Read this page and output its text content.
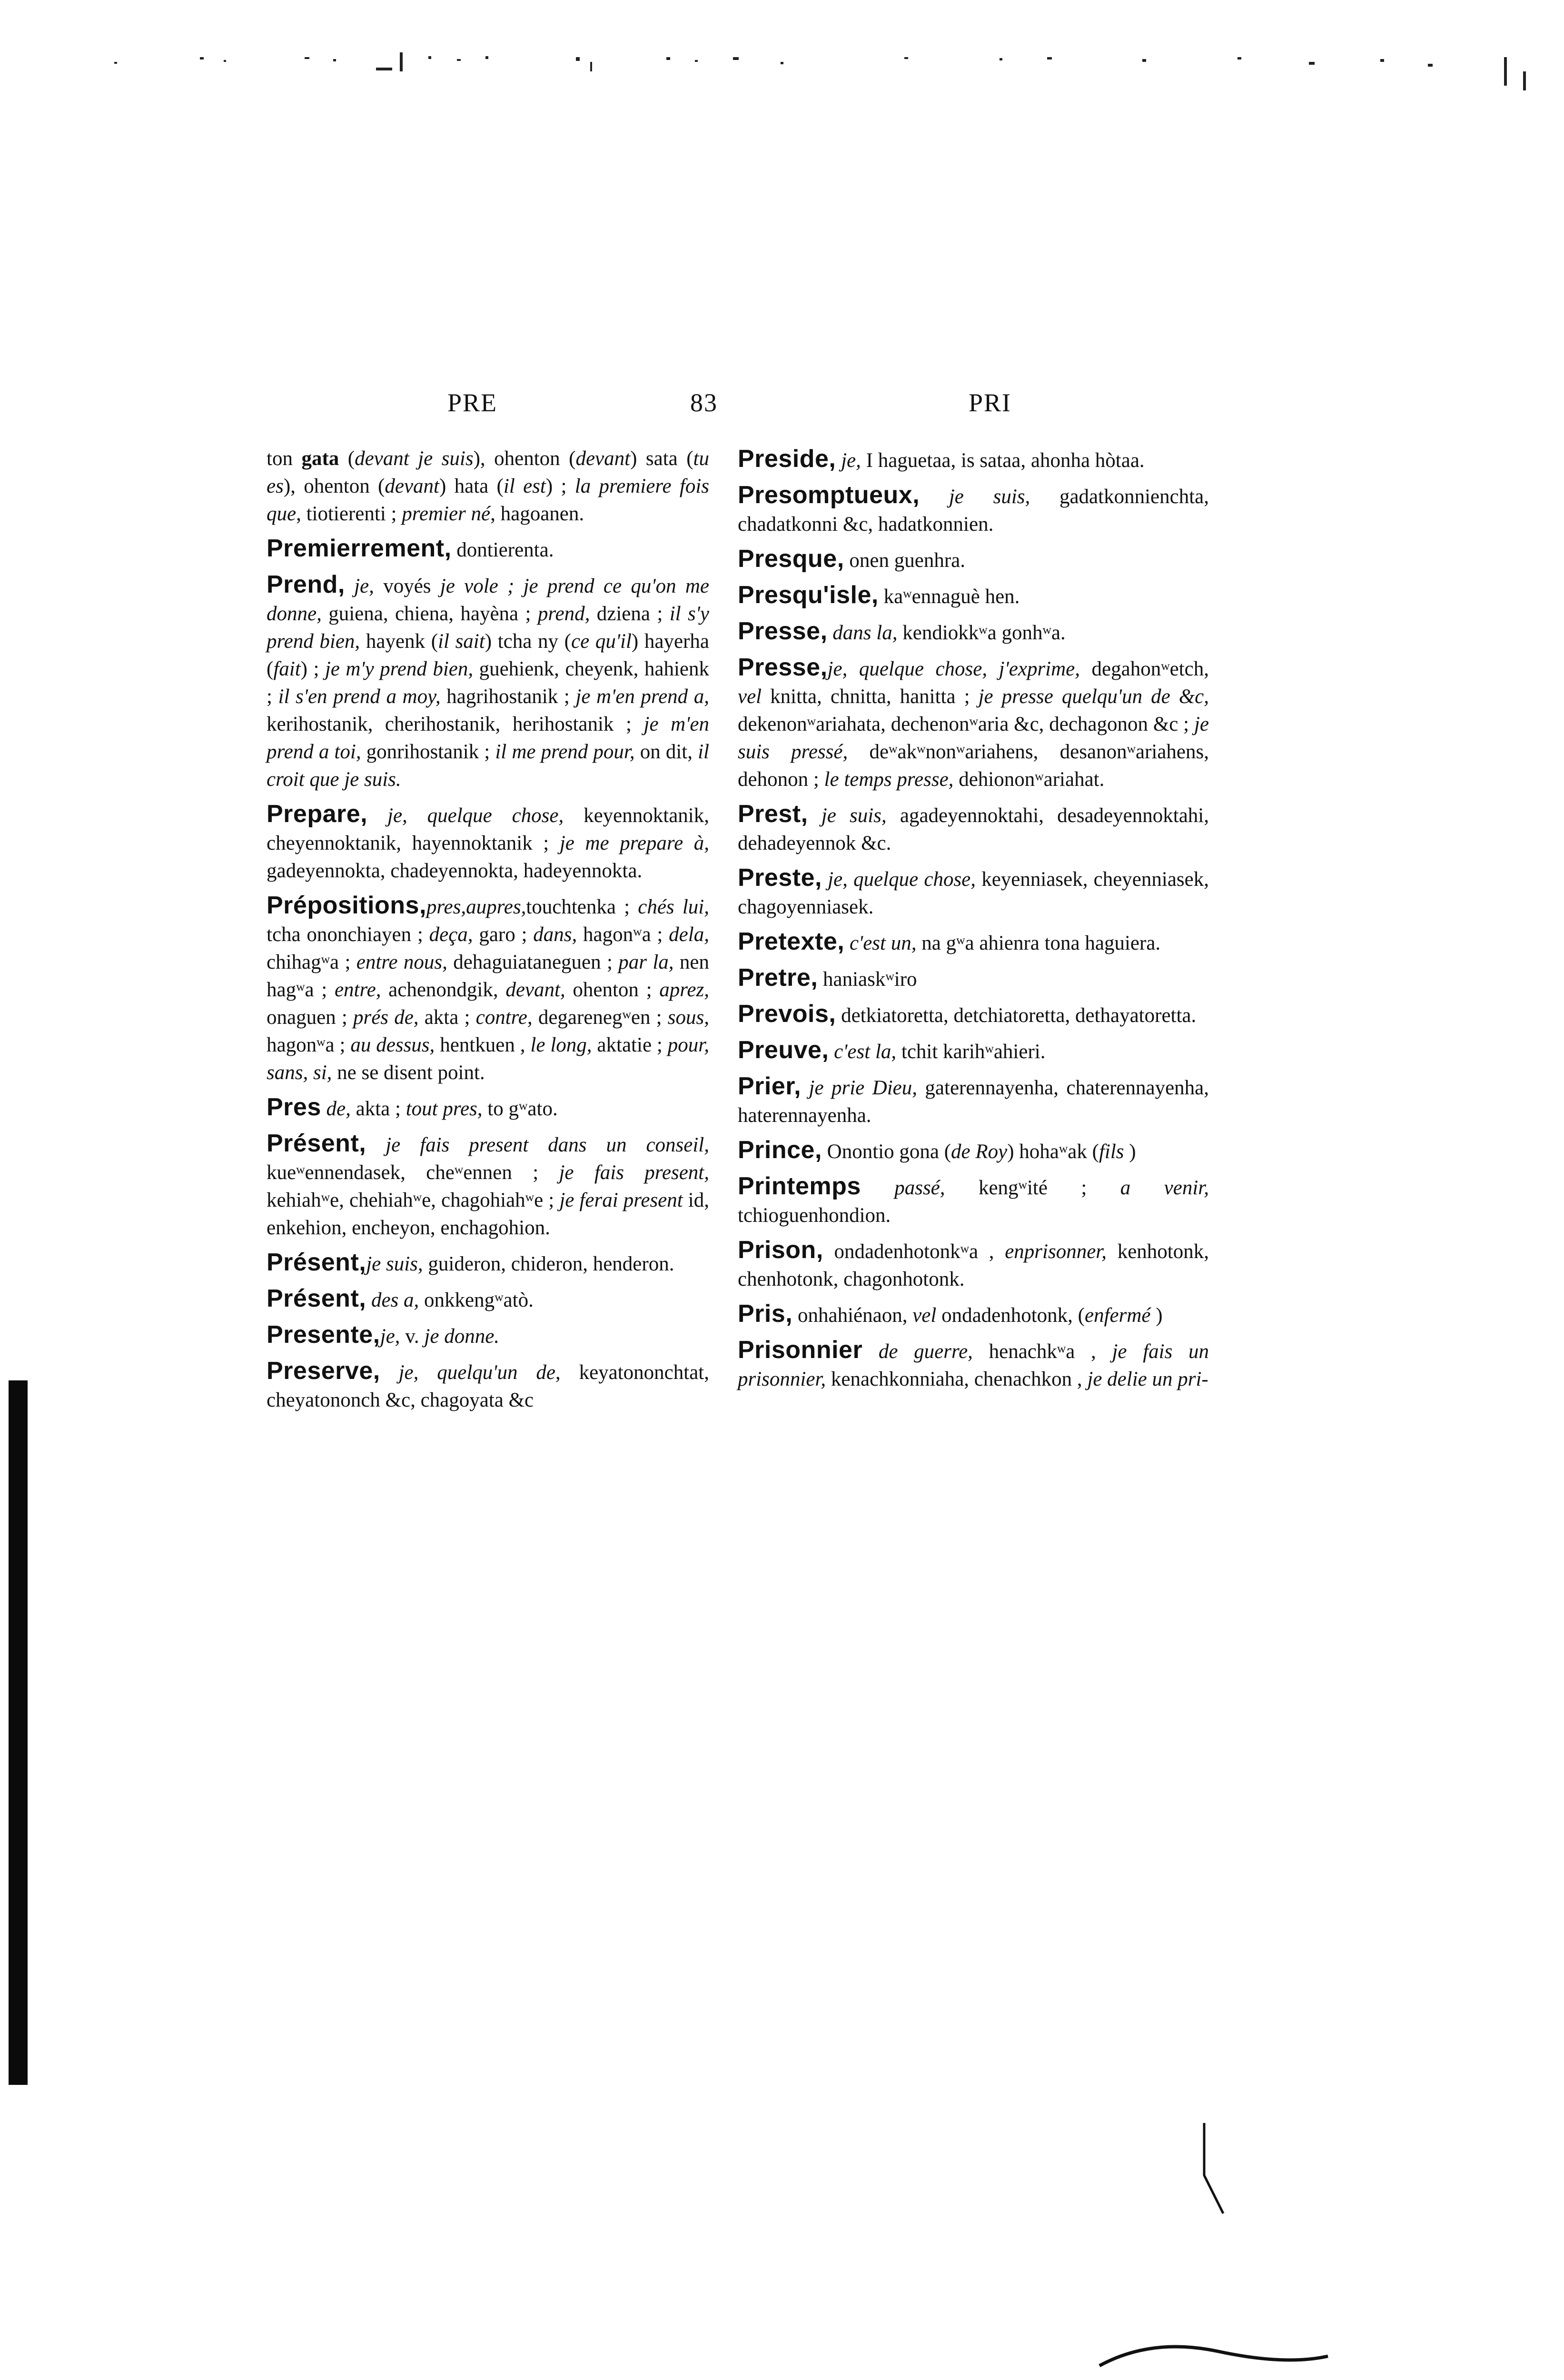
PRE	83	PRI
ton gata (devant je suis), ohenton (devant) sata (tu es), ohenton (devant) hata (il est) ; la premiere fois que, tiotierenti ; premier né, hagoanen.
Premierrement, dontierenta.
Prend, je, voyés je vole ; je prend ce qu'on me donne, guiena, chiena, hayèna ; prend, dziena ; il s'y prend bien, hayenk (il sait) tcha ny (ce qu'il) hayerha (fait) ; je m'y prend bien, guehienk, cheyenk, hahienk ; il s'en prend a moy, hagrihostanik ; je m'en prend a, kerihostanik, cherihostanik, herihostanik ; je m'en prend a toi, gonrihostanik ; il me prend pour, on dit, il croit que je suis.
Prepare, je, quelque chose, keyennoktanik, cheyennoktanik, hayennoktanik ; je me prepare à, gadeyennokta, chadeyennokta, hadeyennokta.
Prépositions,pres,aupres,touchtenka ; chés lui, tcha ononchiayen ; deça, garo ; dans, hagonʷa ; dela, chihagʷa ; entre nous, dehaguiataneguen ; par la, nen hagʷa ; entre, achenondgik, devant, ohenton ; aprez, onaguen ; prés de, akta ; contre, degarenegʷen ; sous, hagonʷa ; au dessus, hentkuen , le long, aktatie ; pour, sans, si, ne se disent point.
Pres de, akta ; tout pres, to gʷato.
Présent, je fais present dans un conseil, kueʷennendasek, cheʷennen ; je fais present, kehiahʷe, chehiahʷe, chagohiahʷe ; je ferai present id, enkehion, encheyon, enchagohion.
Présent,je suis, guideron, chideron, henderon.
Présent, des a, onkkengʷatò.
Presente,je, v. je donne.
Preserve, je, quelqu'un de, keyatononchtat, cheyatononch &c, chagoyata &c
Preside, je, I haguetaa, is sataa, ahonha hòtaa.
Presomptueux, je suis, gadatkonnienchta, chadatkonni &c, hadatkonnien.
Presque, onen guenhra.
Presqu'isle, kaʷennaguè hen.
Presse, dans la, kendiokkʷa gonhʷa.
Presse,je, quelque chose, j'exprime, degahonʷetch, vel knitta, chnitta, hanitta ; je presse quelqu'un de &c, dekenonʷariahata, dechenonʷaria &c, dechagonon &c ; je suis pressé, deʷakʷnonʷariahens, desanonʷariahens, dehonon ; le temps presse, dehiononʷariahat.
Prest, je suis, agadeyennoktahi, desadeyennoktahi, dehadeyennok &c.
Preste, je, quelque chose, keyenniasek, cheyenniasek, chagoyenniasek.
Pretexte, c'est un, na gʷa ahienra tona haguiera.
Pretre, haniaskʷiro
Prevois, detkiatoretta, detchiatoretta, dethayatoretta.
Preuve, c'est la, tchit karihʷahieri.
Prier, je prie Dieu, gaterennayenha, chaterennayenha, haterennayenha.
Prince, Onontio gona (de Roy) hohaʷak (fils )
Printemps passé, kengʷité ; a venir, tchioguenhondion.
Prison, ondadenhotonkʷa , enprisonner, kenhotonk, chenhotonk, chagonhotonk.
Pris, onhahiénaon, vel ondadenhotonk, (enfermé )
Prisonnier de guerre, henachkʷa , je fais un prisonnier, kenachkonniaha, chenachkon , je delie un pri-
